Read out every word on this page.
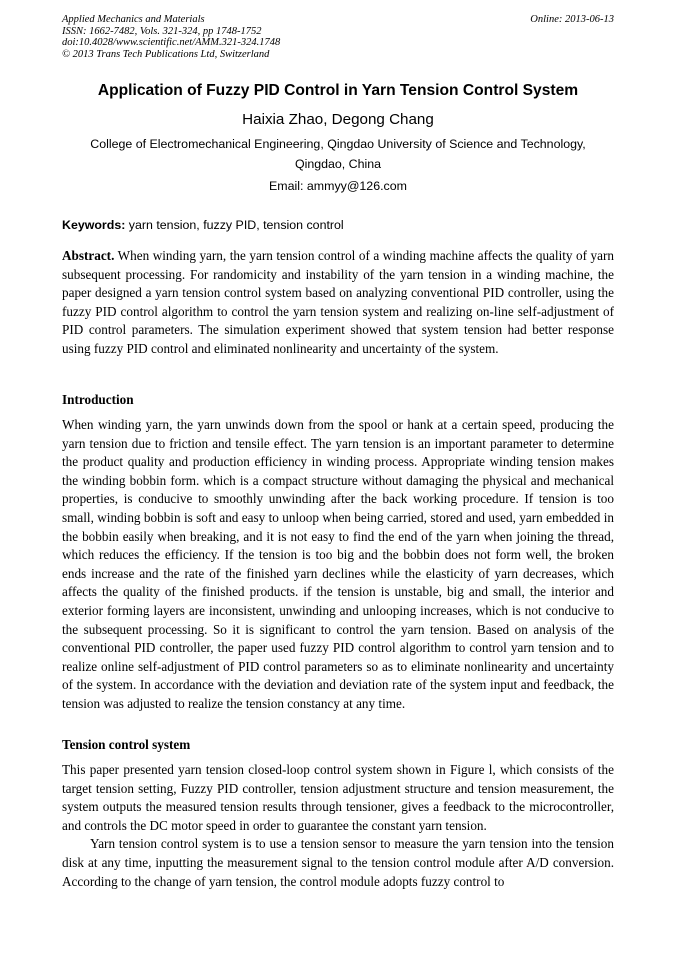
Applied Mechanics and Materials
ISSN: 1662-7482, Vols. 321-324, pp 1748-1752
doi:10.4028/www.scientific.net/AMM.321-324.1748
© 2013 Trans Tech Publications Ltd, Switzerland
Online: 2013-06-13
Application of Fuzzy PID Control in Yarn Tension Control System
Haixia Zhao, Degong Chang
College of Electromechanical Engineering, Qingdao University of Science and Technology,
Qingdao, China
Email: ammyy@126.com
Keywords: yarn tension, fuzzy PID, tension control
Abstract. When winding yarn, the yarn tension control of a winding machine affects the quality of yarn subsequent processing. For randomicity and instability of the yarn tension in a winding machine, the paper designed a yarn tension control system based on analyzing conventional PID controller, using the fuzzy PID control algorithm to control the yarn tension system and realizing on-line self-adjustment of PID control parameters. The simulation experiment showed that system tension had better response using fuzzy PID control and eliminated nonlinearity and uncertainty of the system.
Introduction
When winding yarn, the yarn unwinds down from the spool or hank at a certain speed, producing the yarn tension due to friction and tensile effect. The yarn tension is an important parameter to determine the product quality and production efficiency in winding process. Appropriate winding tension makes the winding bobbin form. which is a compact structure without damaging the physical and mechanical properties, is conducive to smoothly unwinding after the back working procedure. If tension is too small, winding bobbin is soft and easy to unloop when being carried, stored and used, yarn embedded in the bobbin easily when breaking, and it is not easy to find the end of the yarn when joining the thread, which reduces the efficiency. If the tension is too big and the bobbin does not form well, the broken ends increase and the rate of the finished yarn declines while the elasticity of yarn decreases, which affects the quality of the finished products. if the tension is unstable, big and small, the interior and exterior forming layers are inconsistent, unwinding and unlooping increases, which is not conducive to the subsequent processing. So it is significant to control the yarn tension. Based on analysis of the conventional PID controller, the paper used fuzzy PID control algorithm to control yarn tension and to realize online self-adjustment of PID control parameters so as to eliminate nonlinearity and uncertainty of the system. In accordance with the deviation and deviation rate of the system input and feedback, the tension was adjusted to realize the tension constancy at any time.
Tension control system

This paper presented yarn tension closed-loop control system shown in Figure l, which consists of the target tension setting, Fuzzy PID controller, tension adjustment structure and tension measurement, the system outputs the measured tension results through tensioner, gives a feedback to the microcontroller, and controls the DC motor speed in order to guarantee the constant yarn tension.

Yarn tension control system is to use a tension sensor to measure the yarn tension into the tension disk at any time, inputting the measurement signal to the tension control module after A/D conversion. According to the change of yarn tension, the control module adopts fuzzy control to
